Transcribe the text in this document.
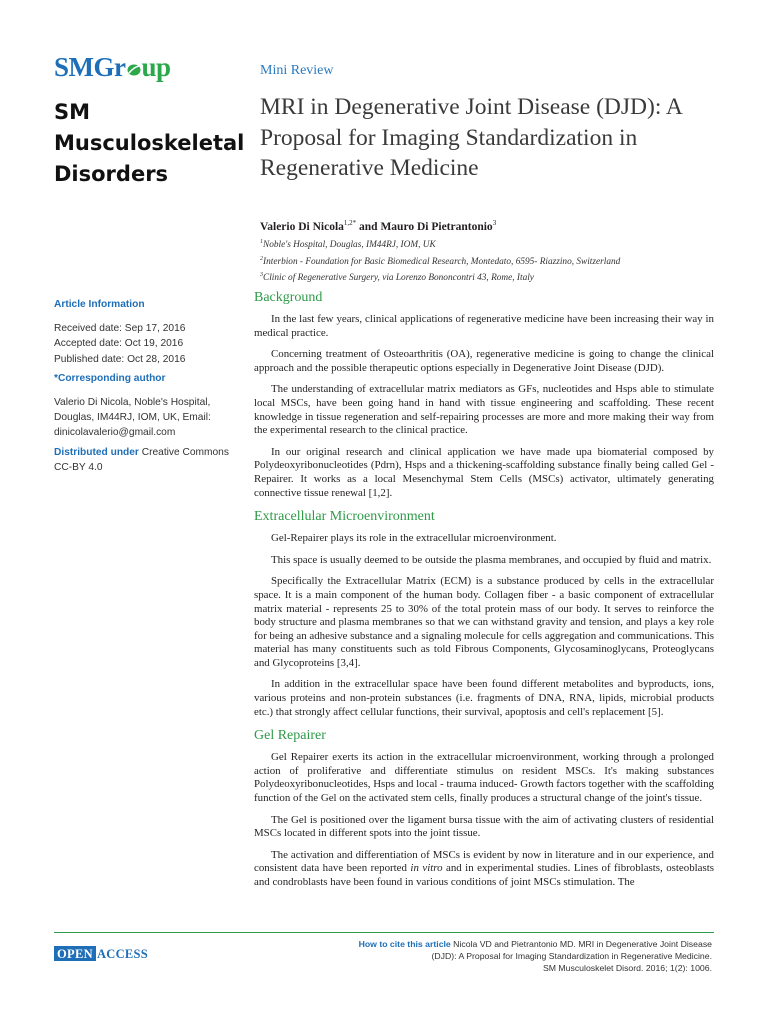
SMGr up
SM Musculoskeletal Disorders
Mini Review
MRI in Degenerative Joint Disease (DJD): A Proposal for Imaging Standardization in Regenerative Medicine
Valerio Di Nicola$^{1,2*}$ and Mauro Di Pietrantonio$^3$
$^1$Noble's Hospital, Douglas, IM44RJ, IOM, UK
$^2$Interbion - Foundation for Basic Biomedical Research, Montedato, 6595- Riazzino, Switzerland
$^3$Clinic of Regenerative Surgery, via Lorenzo Bononcontri 43, Rome, Italy
Article Information
Received date: Sep 17, 2016
Accepted date: Oct 19, 2016
Published date: Oct 28, 2016
*Corresponding author
Valerio Di Nicola, Noble's Hospital,
Douglas, IM44RJ, IOM, UK, Email:
dinicolavalerio@gmail.com
Distributed under Creative Commons
CC-BY 4.0
Background

In the last few years, clinical applications of regenerative medicine have been increasing their way in medical practice.

Concerning treatment of Osteoarthritis (OA), regenerative medicine is going to change the clinical approach and the possible therapeutic options especially in Degenerative Joint Disease (DJD).

The understanding of extracellular matrix mediators as GFs, nucleotides and Hsps able to stimulate local MSCs, have been going hand in hand with tissue engineering and scaffolding. These recent knowledge in tissue regeneration and self-repairing processes are more and more making their way from the experimental research to the clinical practice.

In our original research and clinical application we have made upa biomaterial composed by Polydeoxyribonucleotides (Pdrn), Hsps and a thickening-scaffolding substance finally being called Gel -Repairer. It works as a local Mesenchymal Stem Cells (MSCs) activator, ultimately generating connective tissue renewal [1,2].

Extracellular Microenvironment

Gel-Repairer plays its role in the extracellular microenvironment.

This space is usually deemed to be outside the plasma membranes, and occupied by fluid and matrix.

Specifically the Extracellular Matrix (ECM) is a substance produced by cells in the extracellular space. It is a main component of the human body. Collagen fiber - a basic component of extracellular matrix material - represents 25 to 30% of the total protein mass of our body. It serves to reinforce the body structure and plasma membranes so that we can withstand gravity and tension, and plays a key role for being an adhesive substance and a signaling molecule for cells aggregation and communications. This material has many constituents such as told Fibrous Components, Glycosaminoglycans, Proteoglycans and Glycoproteins [3,4].

In addition in the extracellular space have been found different metabolites and byproducts, ions, various proteins and non-protein substances (i.e. fragments of DNA, RNA, lipids, microbial products etc.) that strongly affect cellular functions, their survival, apoptosis and cell's replacement [5].

Gel Repairer

Gel Repairer exerts its action in the extracellular microenvironment, working through a prolonged action of proliferative and differentiate stimulus on resident MSCs. It's making substances Polydeoxyribonucleotides, Hsps and local - trauma induced- Growth factors together with the scaffolding function of the Gel on the activated stem cells, finally produces a structural change of the joint's tissue.

The Gel is positioned over the ligament bursa tissue with the aim of activating clusters of residential MSCs located in different spots into the joint tissue.

The activation and differentiation of MSCs is evident by now in literature and in our experience, and consistent data have been reported in vitro and in experimental studies. Lines of fibroblasts, osteoblasts and condroblasts have been found in various conditions of joint MSCs stimulation. The

OPEN ACCESS
How to cite this article Nicola VD and Pietrantonio MD. MRI in Degenerative Joint Disease (DJD): A Proposal for Imaging Standardization in Regenerative Medicine.
SM Musculoskelet Disord. 2016; 1(2): 1006.
